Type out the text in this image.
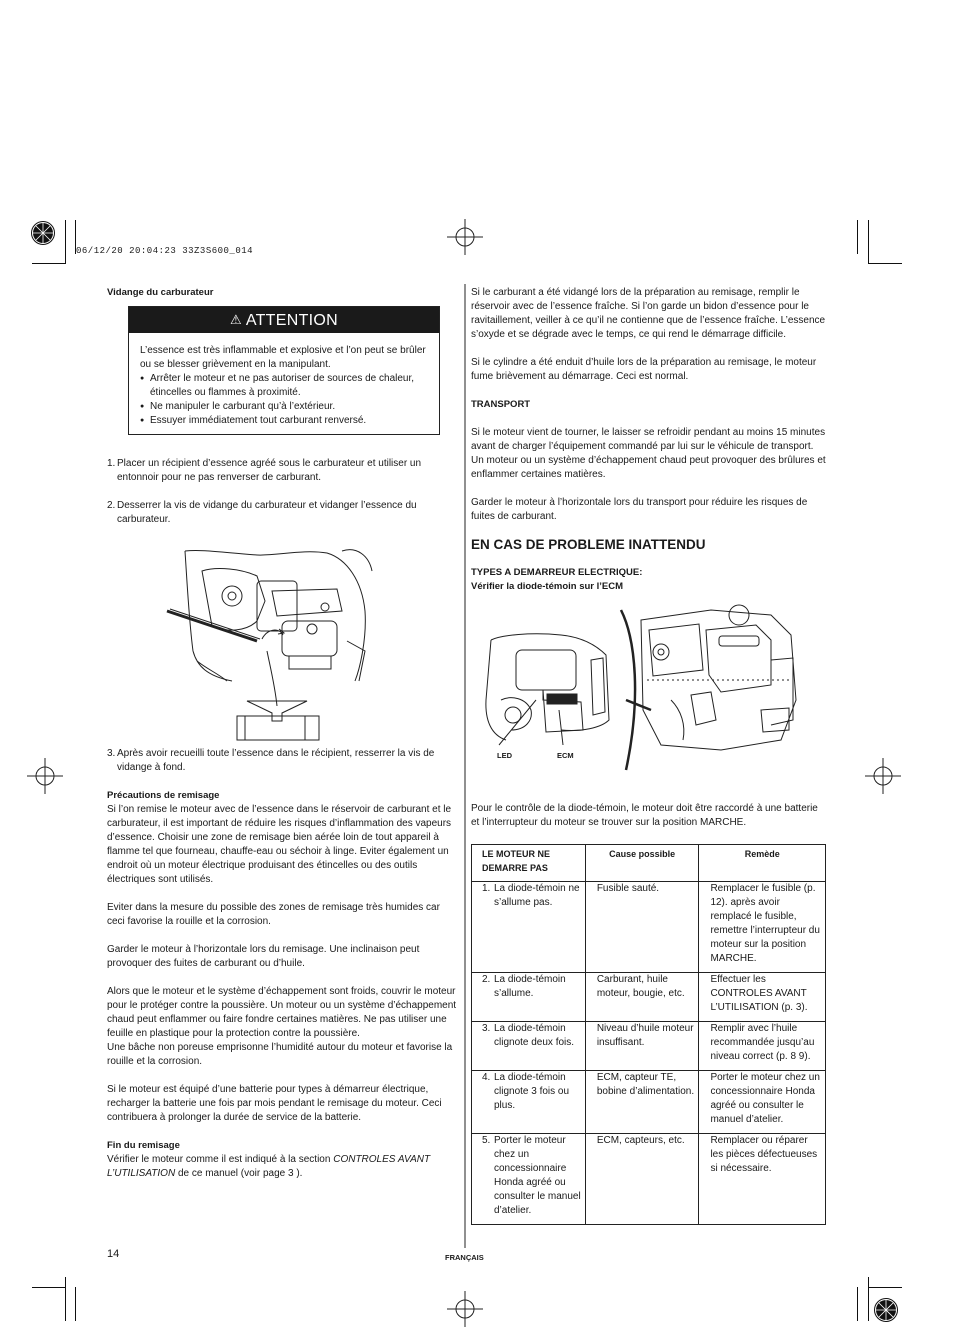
06/12/20 20:04:23 33Z3S600_014
Vidange du carburateur
⚠ ATTENTION

L’essence est très inflammable et explosive et l’on peut se brûler ou se blesser grièvement en la manipulant.

● Arrêter le moteur et ne pas autoriser de sources de chaleur, étincelles ou flammes à proximité.
● Ne manipuler le carburant qu’à l’extérieur.
● Essuyer immédiatement tout carburant renversé.
1. Placer un récipient d’essence agréé sous le carburateur et utiliser un entonnoir pour ne pas renverser de carburant.
2. Desserrer la vis de vidange du carburateur et vidanger l’essence du carburateur.
3. Après avoir recueilli toute l’essence dans le récipient, resserrer la vis de vidange à fond.
Précautions de remisage

Si l’on remise le moteur avec de l’essence dans le réservoir de carburant et le carburateur, il est important de réduire les risques d’inflammation des vapeurs d’essence. Choisir une zone de remisage bien aérée loin de tout appareil à flamme tel que fourneau, chauffe-eau ou séchoir à linge. Eviter également un endroit où un moteur électrique produisant des étincelles ou des outils électriques sont utilisés.

Eviter dans la mesure du possible des zones de remisage très humides car ceci favorise la rouille et la corrosion.

Garder le moteur à l’horizontale lors du remisage. Une inclinaison peut provoquer des fuites de carburant ou d’huile.

Alors que le moteur et le système d’échappement sont froids, couvrir le moteur pour le protéger contre la poussière. Un moteur ou un système d’échappement chaud peut enflammer ou faire fondre certaines matières. Ne pas utiliser une feuille en plastique pour la protection contre la poussière.

Une bâche non poreuse emprisonne l’humidité autour du moteur et favorise la rouille et la corrosion.

Si le moteur est équipé d’une batterie pour types à démarreur électrique, recharger la batterie une fois par mois pendant le remisage du moteur. Ceci contribuera à prolonger la durée de service de la batterie.

Fin du remisage

Vérifier le moteur comme il est indiqué à la section CONTROLES AVANT L’UTILISATION de ce manuel (voir page 3 ).

Si le carburant a été vidangé lors de la préparation au remisage, remplir le réservoir avec de l’essence fraîche. Si l’on garde un bidon d’essence pour le ravitaillement, veiller à ce qu’il ne contienne que de l’essence fraîche. L’essence s’oxyde et se dégrade avec le temps, ce qui rend le démarrage difficile.

Si le cylindre a été enduit d’huile lors de la préparation au remisage, le moteur fume brièvement au démarrage. Ceci est normal.

TRANSPORT

Si le moteur vient de tourner, le laisser se refroidir pendant au moins 15 minutes avant de charger l’équipement commandé par lui sur le véhicule de transport. Un moteur ou un système d’échappement chaud peut provoquer des brûlures et enflammer certaines matières.

Garder le moteur à l’horizontale lors du transport pour réduire les risques de fuites de carburant.

EN CAS DE PROBLEME INATTENDU
TYPES A DEMARREUR ELECTRIQUE:
Vérifier la diode-témoin sur l’ECM
LED	ECM

Pour le contrôle de la diode-témoin, le moteur doit être raccordé à une batterie et l’interrupteur du moteur se trouver sur la position MARCHE.

LE MOTEUR NE DEMARRE PAS	Cause possible	Remède

1. La diode-témoin ne s’allume pas.	Fusible sauté.	Remplacer le fusible (p. 12). après avoir remplacé le fusible, remettre l’interrupteur du moteur sur la position MARCHE.

2. La diode-témoin s’allume.	Carburant, huile moteur, bougie, etc.	Effectuer les CONTROLES AVANT L’UTILISATION (p. 3).

3. La diode-témoin clignote deux fois.	Niveau d’huile moteur insuffisant.	Remplir avec l’huile recommandée jusqu’au niveau correct (p. 8 9).

4. La diode-témoin clignote 3 fois ou plus.	ECM, capteur TE, bobine d’alimentation.	Porter le moteur chez un concessionnaire Honda agréé ou consulter le manuel d’atelier.

5. Porter le moteur chez un concessionnaire Honda agréé ou consulter le manuel d’atelier.	ECM, capteurs, etc.	Remplacer ou réparer les pièces défectueuses si nécessaire.
14	FRANÇAIS
